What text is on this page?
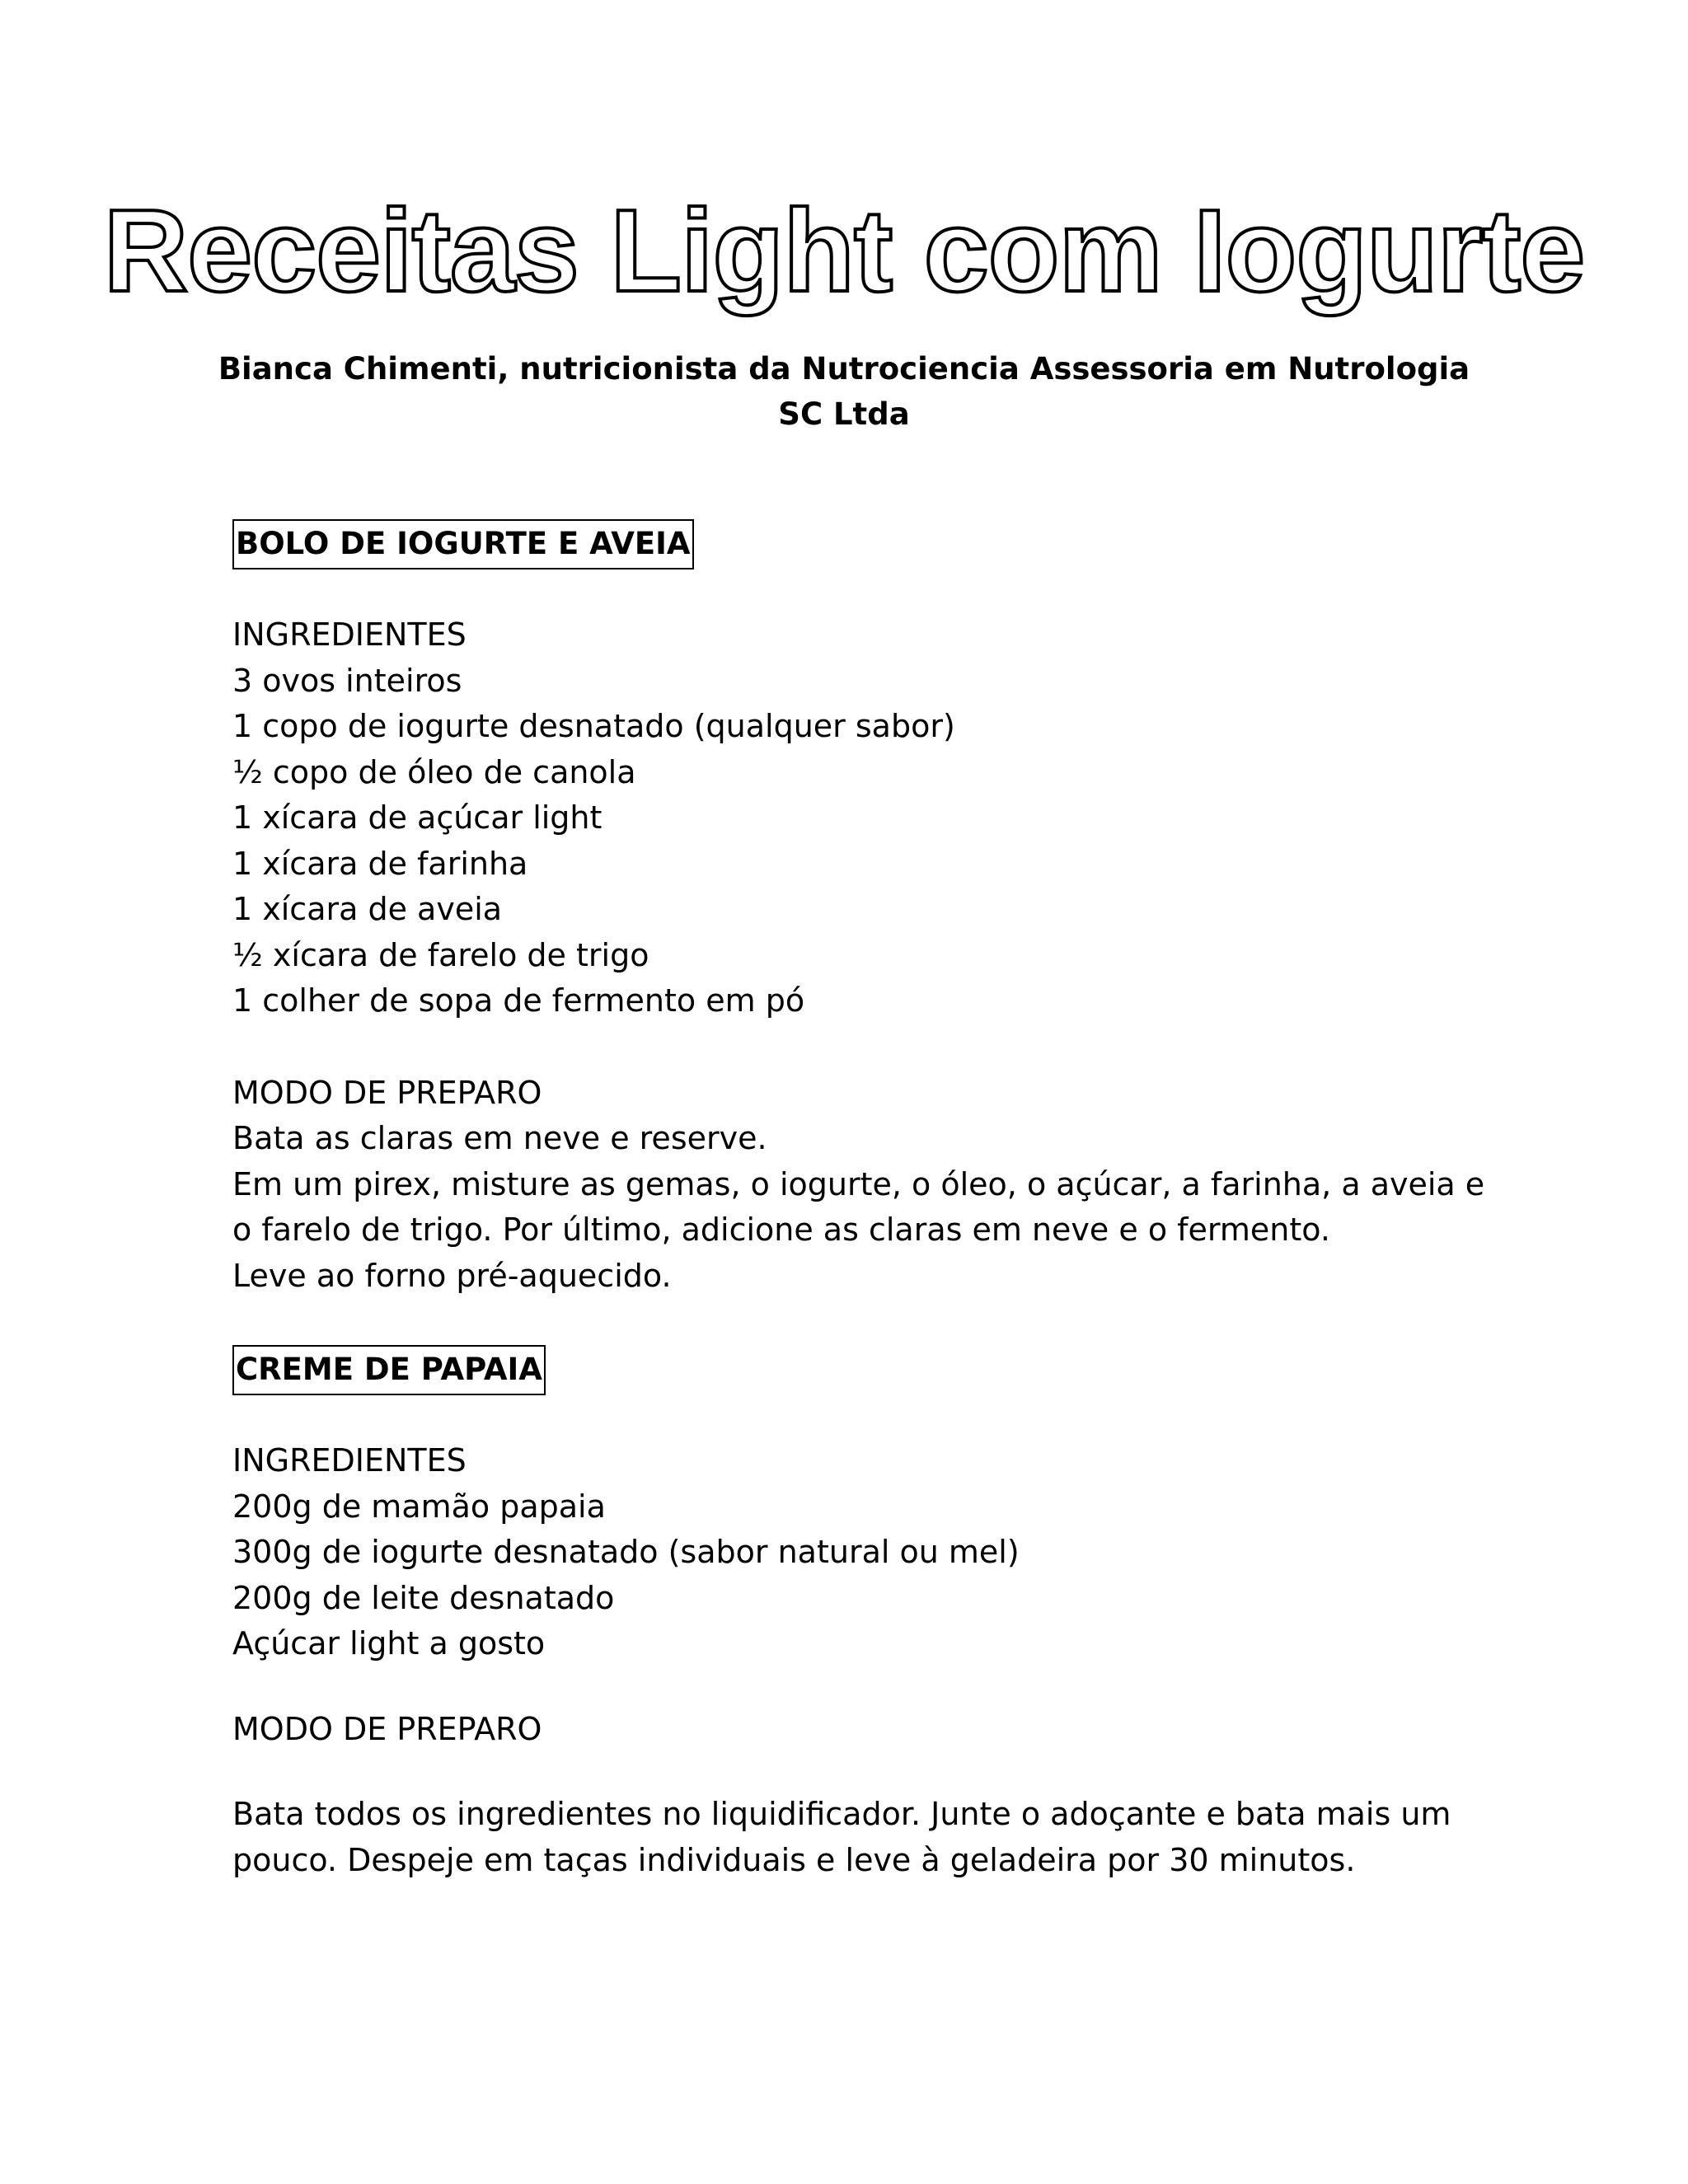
Receitas Light com Iogurte
Bianca Chimenti, nutricionista da Nutrociencia Assessoria em Nutrologia
SC Ltda
BOLO DE IOGURTE E AVEIA
INGREDIENTES
3 ovos inteiros
1 copo de iogurte desnatado (qualquer sabor)
½ copo de óleo de canola
1 xícara de açúcar light
1 xícara de farinha
1 xícara de aveia
½ xícara de farelo de trigo
1 colher de sopa de fermento em pó
MODO DE PREPARO
Bata as claras em neve e reserve.
Em um pirex, misture as gemas, o iogurte, o óleo, o açúcar, a farinha, a aveia e
o farelo de trigo. Por último, adicione as claras em neve e o fermento.
Leve ao forno pré-aquecido.
CREME DE PAPAIA
INGREDIENTES
200g de mamão papaia
300g de iogurte desnatado (sabor natural ou mel)
200g de leite desnatado
Açúcar light a gosto
MODO DE PREPARO
Bata todos os ingredientes no liquidificador. Junte o adoçante e bata mais um
pouco. Despeje em taças individuais e leve à geladeira por 30 minutos.
